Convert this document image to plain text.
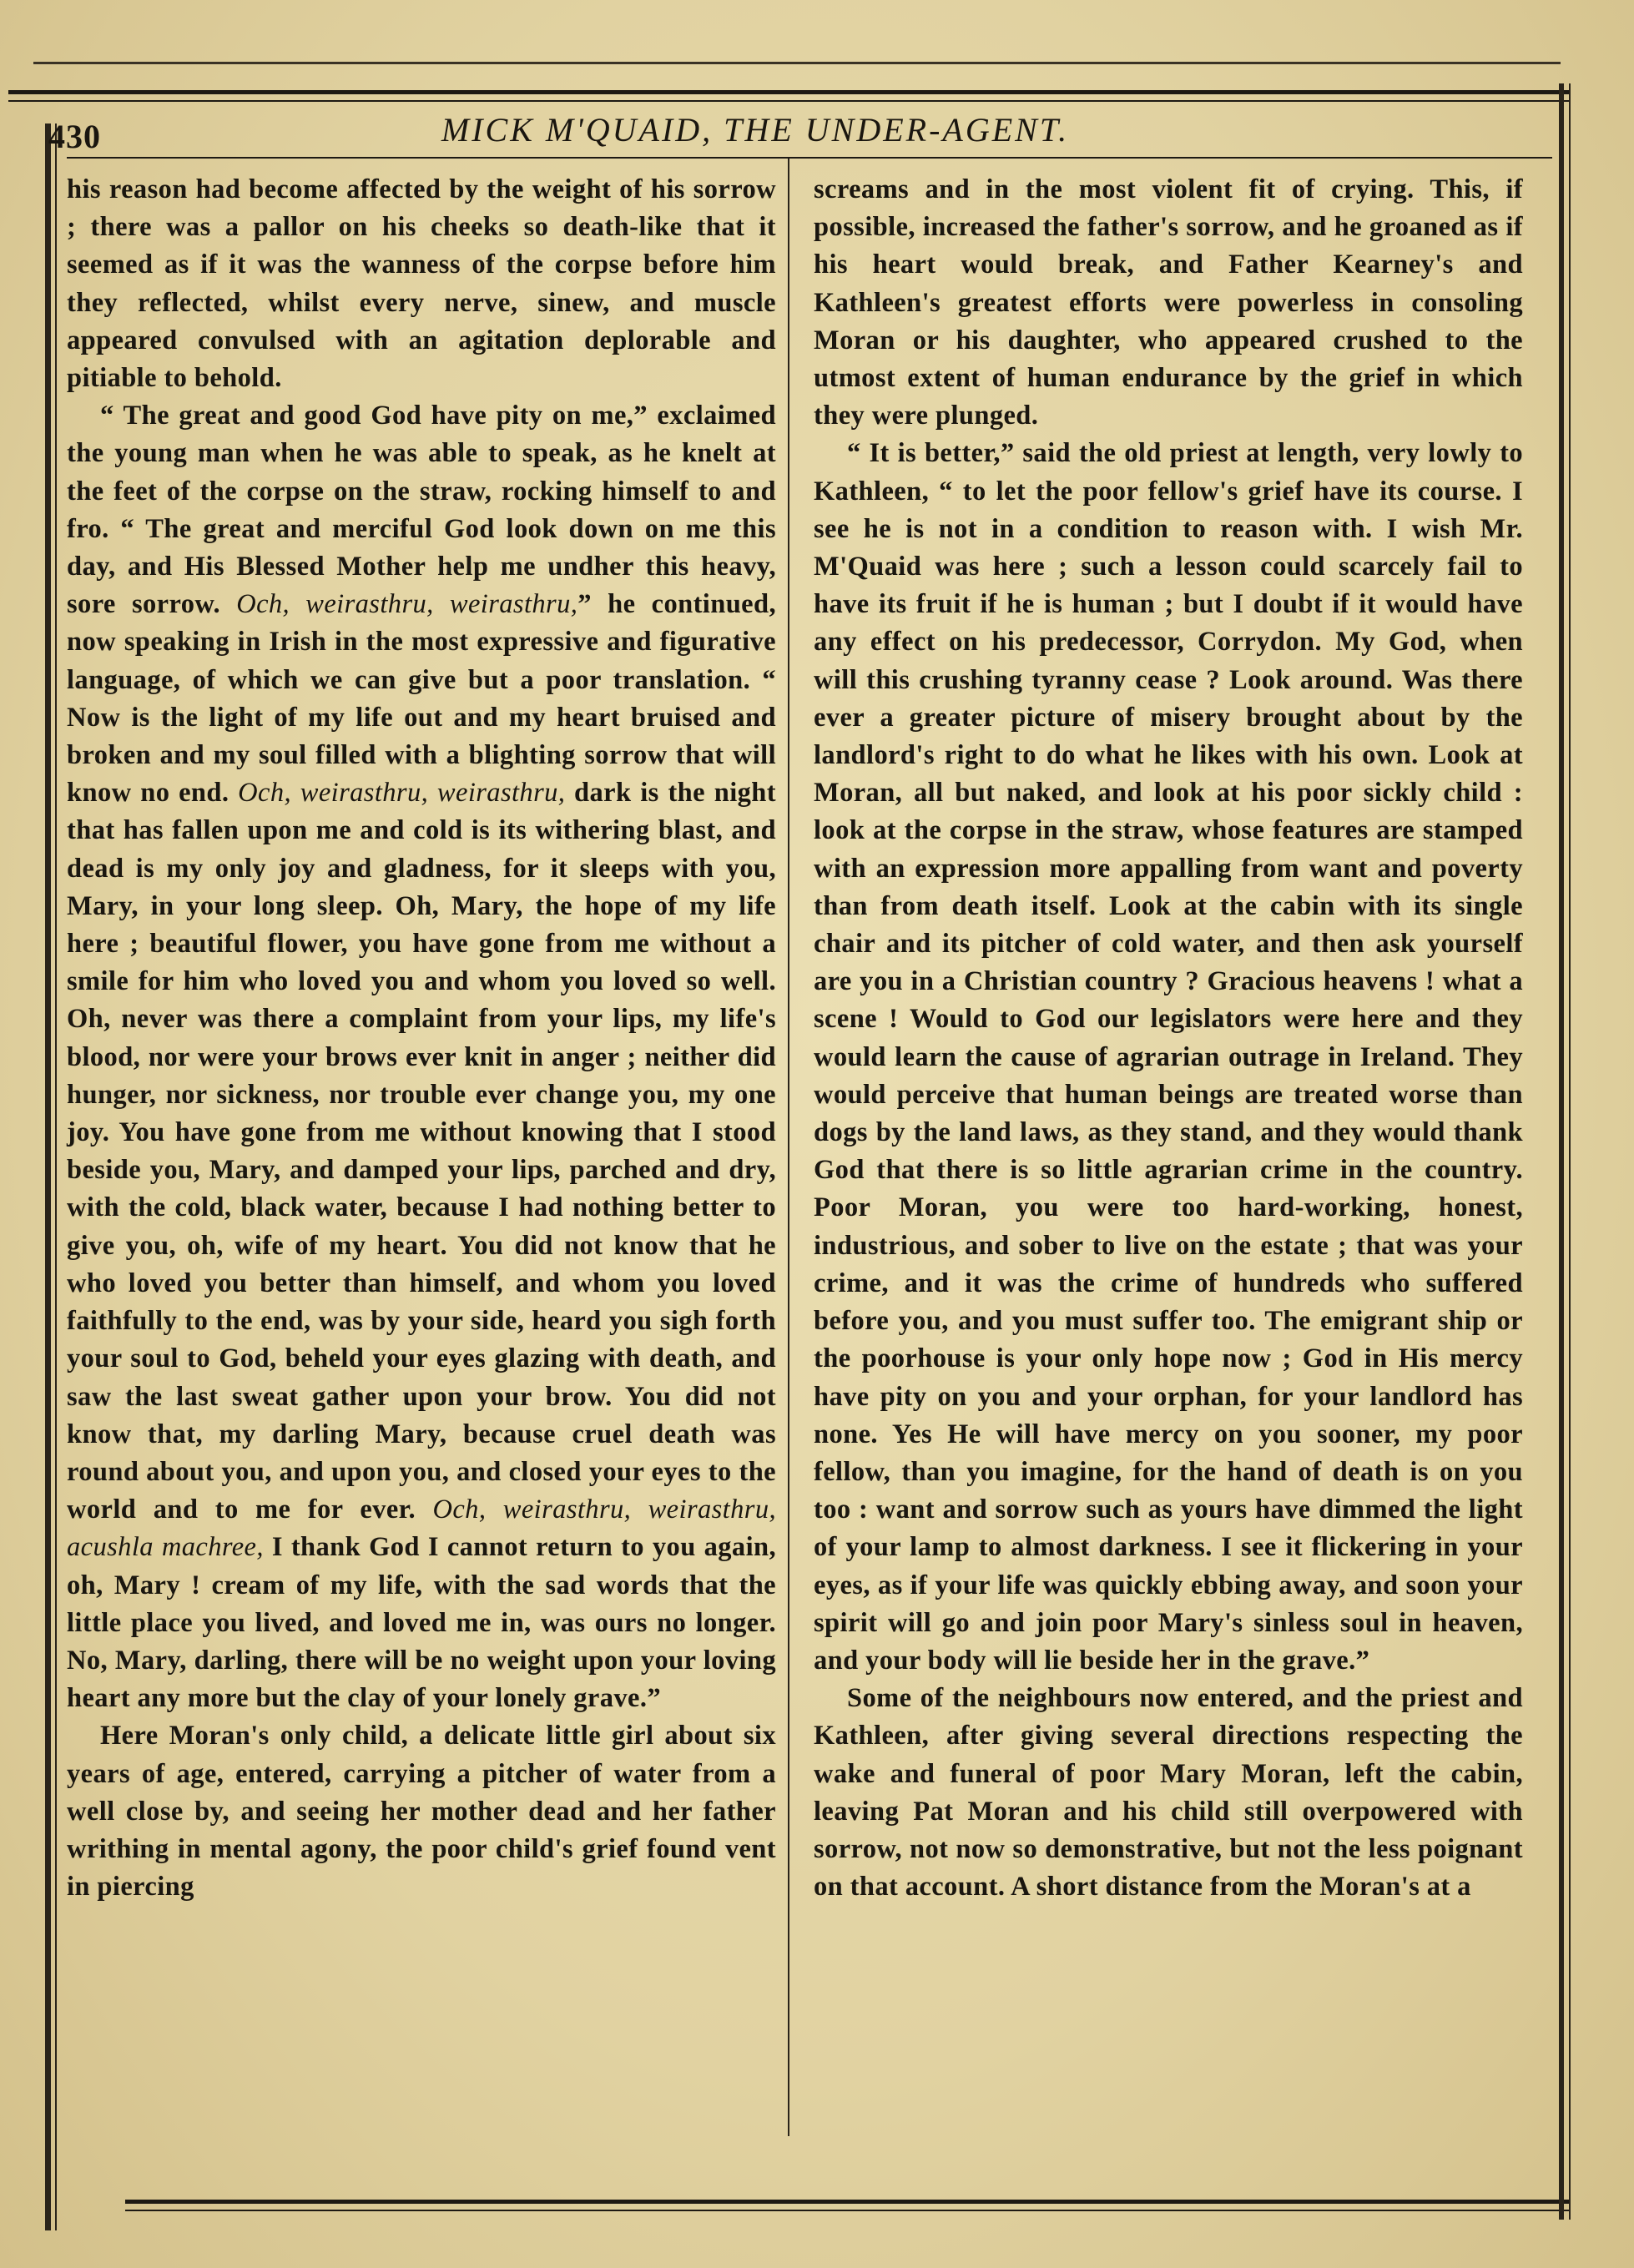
430	MICK M'QUAID, THE UNDER-AGENT.

his reason had become affected by the weight of his sorrow ; there was a pallor on his cheeks so death-like that it seemed as if it was the wanness of the corpse before him they reflected, whilst every nerve, sinew, and muscle appeared convulsed with an agitation deplorable and pitiable to behold.

“ The great and good God have pity on me,” exclaimed the young man when he was able to speak, as he knelt at the feet of the corpse on the straw, rocking himself to and fro. “ The great and merciful God look down on me this day, and His Blessed Mother help me undher this heavy, sore sorrow. Och, weirasthru, weirasthru,” he continued, now speaking in Irish in the most expressive and figurative language, of which we can give but a poor translation. “ Now is the light of my life out and my heart bruised and broken and my soul filled with a blighting sorrow that will know no end. Och, weirasthru, weirasthru, dark is the night that has fallen upon me and cold is its withering blast, and dead is my only joy and gladness, for it sleeps with you, Mary, in your long sleep. Oh, Mary, the hope of my life here ; beautiful flower, you have gone from me without a smile for him who loved you and whom you loved so well. Oh, never was there a complaint from your lips, my life's blood, nor were your brows ever knit in anger ; neither did hunger, nor sickness, nor trouble ever change you, my one joy. You have gone from me without knowing that I stood beside you, Mary, and damped your lips, parched and dry, with the cold, black water, because I had nothing better to give you, oh, wife of my heart. You did not know that he who loved you better than himself, and whom you loved faithfully to the end, was by your side, heard you sigh forth your soul to God, beheld your eyes glazing with death, and saw the last sweat gather upon your brow. You did not know that, my darling Mary, because cruel death was round about you, and upon you, and closed your eyes to the world and to me for ever. Och, weirasthru, weirasthru, acushla machree, I thank God I cannot return to you again, oh, Mary ! cream of my life, with the sad words that the little place you lived, and loved me in, was ours no longer. No, Mary, darling, there will be no weight upon your loving heart any more but the clay of your lonely grave.”

Here Moran's only child, a delicate little girl about six years of age, entered, carrying a pitcher of water from a well close by, and seeing her mother dead and her father writhing in mental agony, the poor child's grief found vent in piercing

screams and in the most violent fit of crying. This, if possible, increased the father's sorrow, and he groaned as if his heart would break, and Father Kearney's and Kathleen's greatest efforts were powerless in consoling Moran or his daughter, who appeared crushed to the utmost extent of human endurance by the grief in which they were plunged.

“ It is better,” said the old priest at length, very lowly to Kathleen, “ to let the poor fellow's grief have its course. I see he is not in a condition to reason with. I wish Mr. M'Quaid was here ; such a lesson could scarcely fail to have its fruit if he is human ; but I doubt if it would have any effect on his predecessor, Corrydon. My God, when will this crushing tyranny cease ? Look around. Was there ever a greater picture of misery brought about by the landlord's right to do what he likes with his own. Look at Moran, all but naked, and look at his poor sickly child : look at the corpse in the straw, whose features are stamped with an expression more appalling from want and poverty than from death itself. Look at the cabin with its single chair and its pitcher of cold water, and then ask yourself are you in a Christian country ? Gracious heavens ! what a scene ! Would to God our legislators were here and they would learn the cause of agrarian outrage in Ireland. They would perceive that human beings are treated worse than dogs by the land laws, as they stand, and they would thank God that there is so little agrarian crime in the country. Poor Moran, you were too hard-working, honest, industrious, and sober to live on the estate ; that was your crime, and it was the crime of hundreds who suffered before you, and you must suffer too. The emigrant ship or the poorhouse is your only hope now ; God in His mercy have pity on you and your orphan, for your landlord has none. Yes He will have mercy on you sooner, my poor fellow, than you imagine, for the hand of death is on you too : want and sorrow such as yours have dimmed the light of your lamp to almost darkness. I see it flickering in your eyes, as if your life was quickly ebbing away, and soon your spirit will go and join poor Mary's sinless soul in heaven, and your body will lie beside her in the grave.”

Some of the neighbours now entered, and the priest and Kathleen, after giving several directions respecting the wake and funeral of poor Mary Moran, left the cabin, leaving Pat Moran and his child still overpowered with sorrow, not now so demonstrative, but not the less poignant on that account. A short distance from the Moran's at a
